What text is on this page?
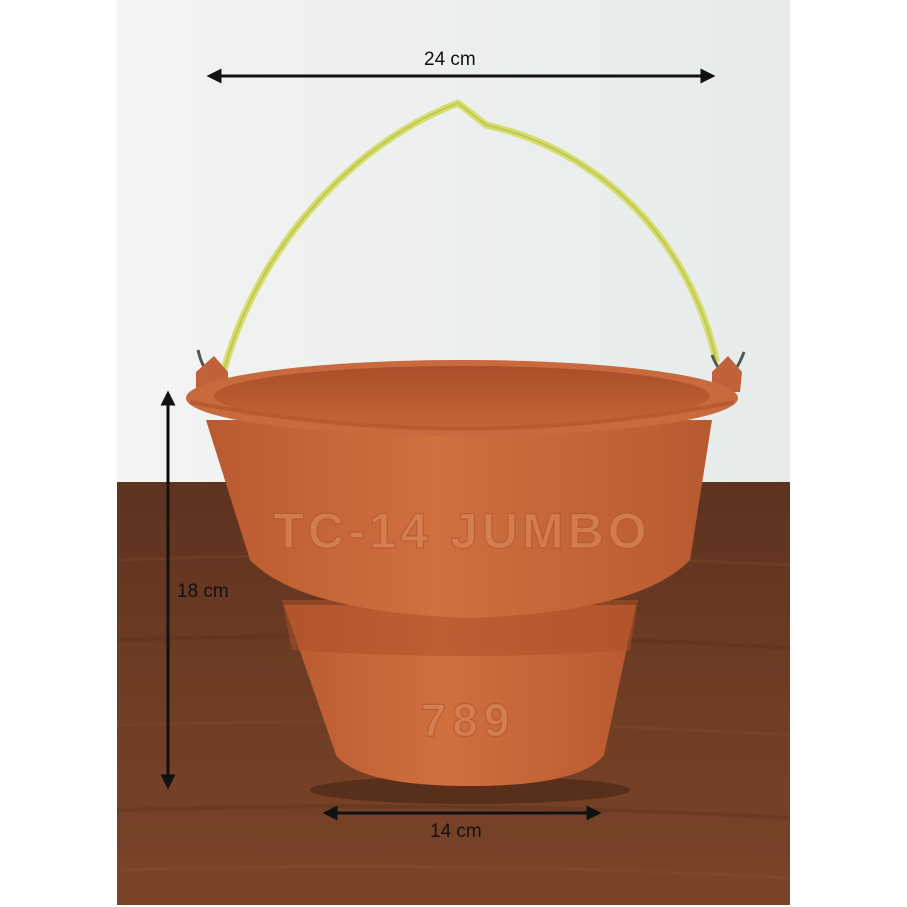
TC-14 JUMBO
789
24 cm
18 cm
14 cm
